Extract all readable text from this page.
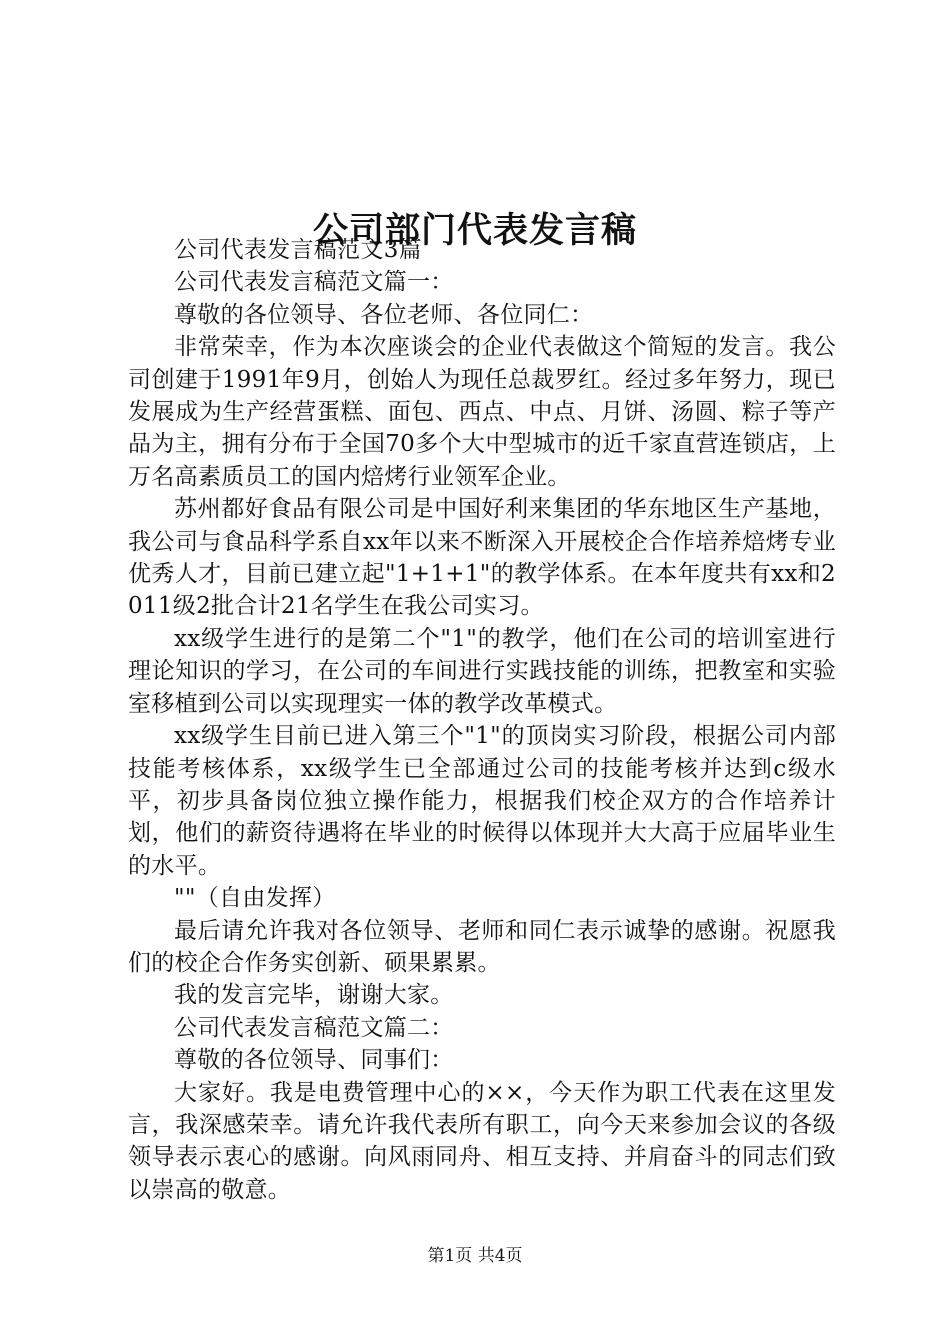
公司部门代表发言稿

公司代表发言稿范文3篇

公司代表发言稿范文篇一：

尊敬的各位领导、各位老师、各位同仁：

非常荣幸，作为本次座谈会的企业代表做这个简短的发言。我公司创建于1991年9月，创始人为现任总裁罗红。经过多年努力，现已发展成为生产经营蛋糕、面包、西点、中点、月饼、汤圆、粽子等产品为主，拥有分布于全国70多个大中型城市的近千家直营连锁店，上万名高素质员工的国内焙烤行业领军企业。

苏州都好食品有限公司是中国好利来集团的华东地区生产基地，我公司与食品科学系自xx年以来不断深入开展校企合作培养焙烤专业优秀人才，目前已建立起"1+1+1"的教学体系。在本年度共有xx和2011级2批合计21名学生在我公司实习。

xx级学生进行的是第二个"1"的教学，他们在公司的培训室进行理论知识的学习，在公司的车间进行实践技能的训练，把教室和实验室移植到公司以实现理实一体的教学改革模式。

xx级学生目前已进入第三个"1"的顶岗实习阶段，根据公司内部技能考核体系，xx级学生已全部通过公司的技能考核并达到c级水平，初步具备岗位独立操作能力，根据我们校企双方的合作培养计划，他们的薪资待遇将在毕业的时候得以体现并大大高于应届毕业生的水平。

""（自由发挥）

最后请允许我对各位领导、老师和同仁表示诚挚的感谢。祝愿我们的校企合作务实创新、硕果累累。

我的发言完毕，谢谢大家。

公司代表发言稿范文篇二：

尊敬的各位领导、同事们：

大家好。我是电费管理中心的××，今天作为职工代表在这里发言，我深感荣幸。请允许我代表所有职工，向今天来参加会议的各级领导表示衷心的感谢。向风雨同舟、相互支持、并肩奋斗的同志们致以崇高的敬意。

第1页 共4页
